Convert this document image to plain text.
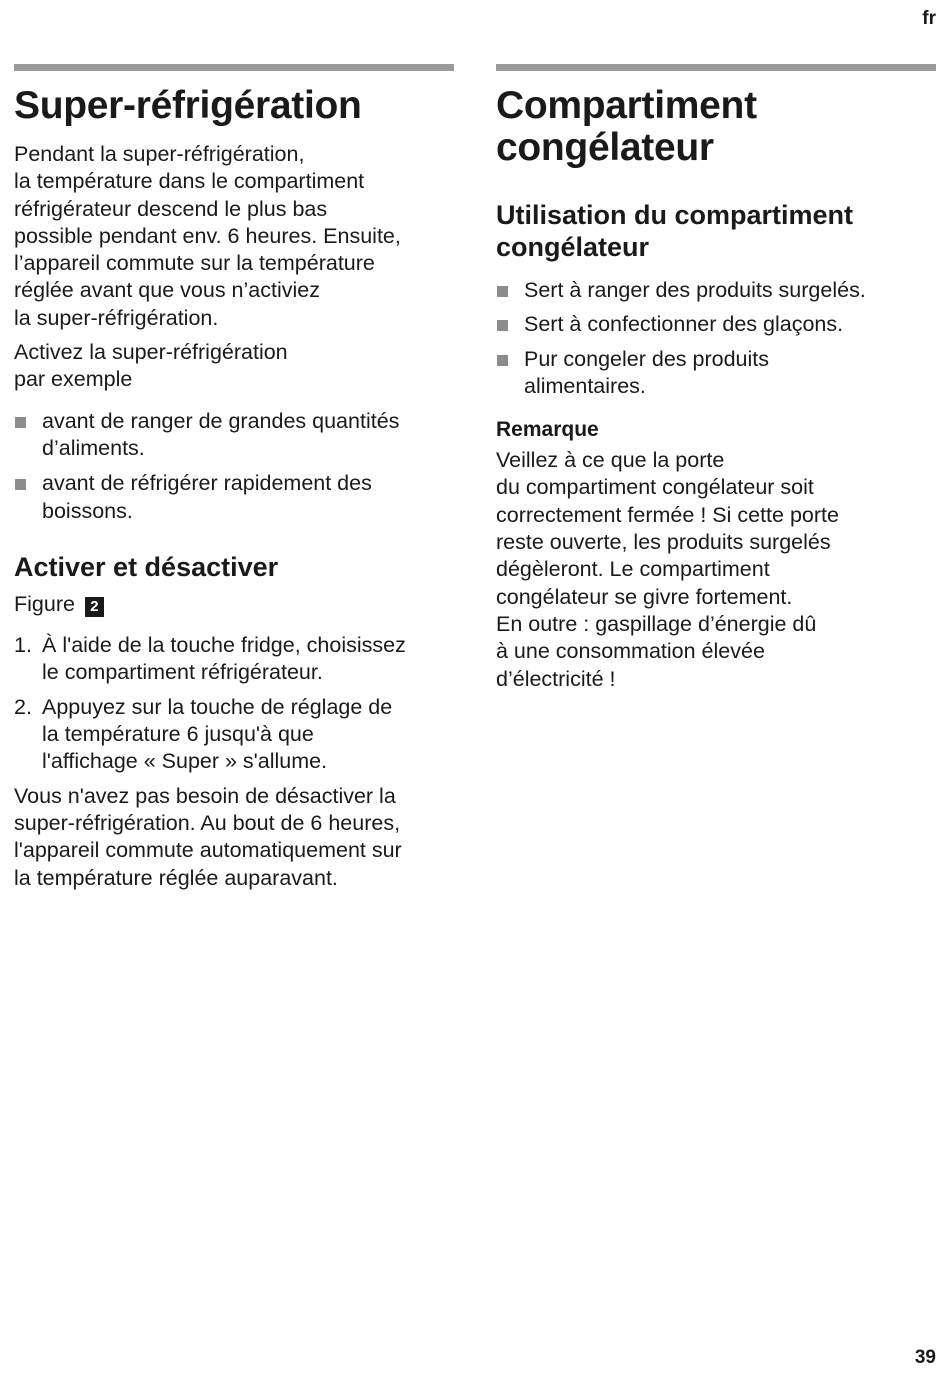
fr
Super-réfrigération

Pendant la super-réfrigération,
la température dans le compartiment
réfrigérateur descend le plus bas
possible pendant env. 6 heures. Ensuite,
l’appareil commute sur la température
réglée avant que vous n’activiez
la super-réfrigération.

Activez la super-réfrigération
par exemple

avant de ranger de grandes quantités
d’aliments.
avant de réfrigérer rapidement des
boissons.
Activer et désactiver

Figure 2

1. À l'aide de la touche fridge, choisissez
le compartiment réfrigérateur.
2. Appuyez sur la touche de réglage de
la température 6 jusqu'à que
l'affichage « Super » s'allume.

Vous n'avez pas besoin de désactiver la
super-réfrigération. Au bout de 6 heures,
l'appareil commute automatiquement sur
la température réglée auparavant.

Compartiment
congélateur
Utilisation du compartiment
congélateur
Sert à ranger des produits surgelés.
Sert à confectionner des glaçons.
Pur congeler des produits
alimentaires.
Remarque

Veillez à ce que la porte
du compartiment congélateur soit
correctement fermée ! Si cette porte
reste ouverte, les produits surgelés
dégèleront. Le compartiment
congélateur se givre fortement.
En outre : gaspillage d’énergie dû
à une consommation élevée
d’électricité !

39
